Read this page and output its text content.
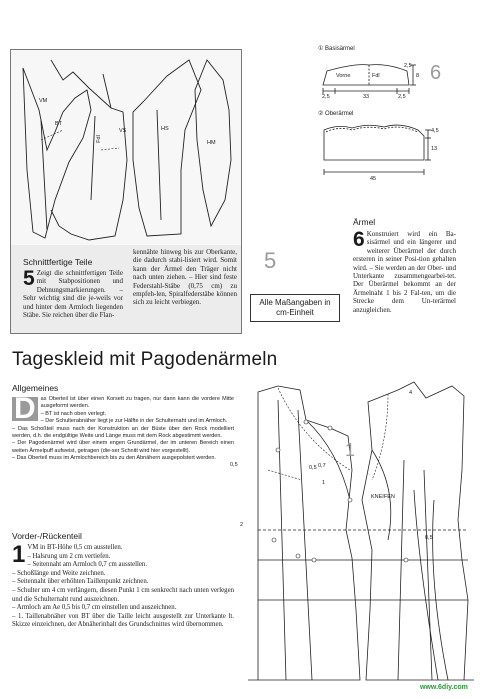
BT
Fdl
VS	HS
VM
HM
Schnittfertige Teile
5 Zeigt die schnittfertigen Teile mit Stabpositionen und Dehnungsmarkierungen. – Sehr wichtig sind die je-weils vor und hinter dem Armloch liegenden Stäbe. Sie reichen über die Flan-
kennähte hinweg bis zur Oberkante, die dadurch stabi-lisiert wird. Somit kann der Ärmel den Träger nicht nach unten ziehen. – Hier sind feste Federstahl-Stäbe (0,75 cm) zu empfeh-len, Spiralfederstäbe können sich zu leicht verbiegen.
5
Alle Maßangaben in cm-Einheit
① Basisärmel
6
Vorne	Fdl
2,5	33	2,5
2,5
8
② Oberärmel
4,5
13
45
Ärmel
6 Konstruiert wird ein Ba-sisärmel und ein längerer und weiterer Überärmel der durch ersteren in seiner Posi-tion gehalten wird. – Sie werden an der Ober- und Unterkante zusammengearbei-tet. Der Überärmel bekommt an der Ärmelnaht 1 bis 2 Fal-ten, um die Strecke dem Un-terärmel anzugleichen.
Tageskleid mit Pagodenärmeln
Allgemeines
D as Oberteil ist über einen Korsett zu tragen, nur dann kann die vordere Mitte ausgeformt werden.
– BT ist nach oben verlegt.
– Der Schulterabnäher liegt je zur Hälfte in der Schulternaht und im Armloch.
– Das Schoßteil muss nach der Konstruktion an der Büste über den Rock modelliert werden, d.h. die endgültige Weite und Länge muss mit dem Rock abgestimmt werden.
– Der Pagodenärmel wird über einem engen Grundärmel, der im unteren Bereich einen weiten Ärmelpuff aufweist, getragen (die-ser Schnitt wird hier vorgestellt).
– Das Oberteil muss im Armlochbereich bis zu den Abnähern ausgepolstert werden.
Vorder-/Rückenteil
1 VM in BT-Höhe 0,5 cm ausstellen.
– Halsrung um 2 cm vertiefen.
– Seitennaht am Armloch 0,7 cm ausstellen.
– Schoßlänge und Weite zeichnen.
– Seitennaht über erhöhten Taillenpunkt zeichnen.
– Schulter um 4 cm verlängern, diesen Punkt 1 cm senkrecht nach unten verlegen und die Schulternaht rund auszeichnen.
– Armloch am Ae 0,5 bis 0,7 cm einstellen und auszeichnen.
– 1. Taillenabnäher von BT über die Taille leicht ausgestellt zur Unterkante lt. Skizze einzeichnen, der Abnäherinhalt des Grundschnittes wird übernommen.
1
0,5	0,5 0,7
1
4
2
0,5
KNEIFEN
www.6diy.com
